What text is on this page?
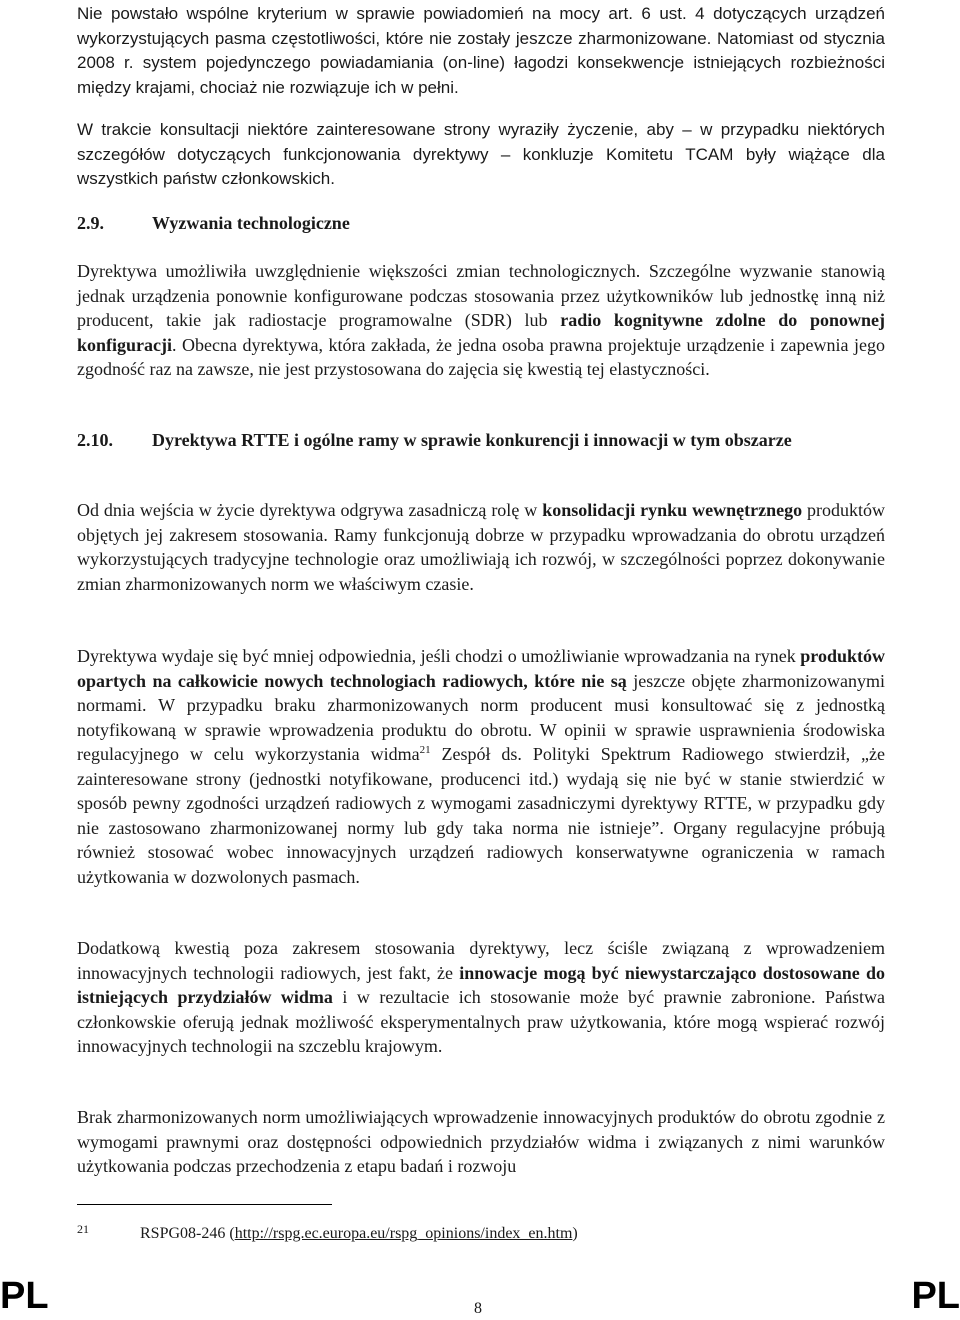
Nie powstało wspólne kryterium w sprawie powiadomień na mocy art. 6 ust. 4 dotyczących urządzeń wykorzystujących pasma częstotliwości, które nie zostały jeszcze zharmonizowane. Natomiast od stycznia 2008 r. system pojedynczego powiadamiania (on-line) łagodzi konsekwencje istniejących rozbieżności między krajami, chociaż nie rozwiązuje ich w pełni.

W trakcie konsultacji niektóre zainteresowane strony wyraziły życzenie, aby – w przypadku niektórych szczegółów dotyczących funkcjonowania dyrektywy – konkluzje Komitetu TCAM były wiążące dla wszystkich państw członkowskich.

2.9.	Wyzwania technologiczne

Dyrektywa umożliwiła uwzględnienie większości zmian technologicznych. Szczególne wyzwanie stanowią jednak urządzenia ponownie konfigurowane podczas stosowania przez użytkowników lub jednostkę inną niż producent, takie jak radiostacje programowalne (SDR) lub radio kognitywne zdolne do ponownej konfiguracji. Obecna dyrektywa, która zakłada, że jedna osoba prawna projektuje urządzenie i zapewnia jego zgodność raz na zawsze, nie jest przystosowana do zajęcia się kwestią tej elastyczności.

2.10. Dyrektywa RTTE i ogólne ramy w sprawie konkurencji i innowacji w tym obszarze

Od dnia wejścia w życie dyrektywa odgrywa zasadniczą rolę w konsolidacji rynku wewnętrznego produktów objętych jej zakresem stosowania. Ramy funkcjonują dobrze w przypadku wprowadzania do obrotu urządzeń wykorzystujących tradycyjne technologie oraz umożliwiają ich rozwój, w szczególności poprzez dokonywanie zmian zharmonizowanych norm we właściwym czasie.

Dyrektywa wydaje się być mniej odpowiednia, jeśli chodzi o umożliwianie wprowadzania na rynek produktów opartych na całkowicie nowych technologiach radiowych, które nie są jeszcze objęte zharmonizowanymi normami. W przypadku braku zharmonizowanych norm producent musi konsultować się z jednostką notyfikowaną w sprawie wprowadzenia produktu do obrotu. W opinii w sprawie usprawnienia środowiska regulacyjnego w celu wykorzystania widma$^{21}$ Zespół ds. Polityki Spektrum Radiowego stwierdził, „że zainteresowane strony (jednostki notyfikowane, producenci itd.) wydają się nie być w stanie stwierdzić w sposób pewny zgodności urządzeń radiowych z wymogami zasadniczymi dyrektywy RTTE, w przypadku gdy nie zastosowano zharmonizowanej normy lub gdy taka norma nie istnieje”. Organy regulacyjne próbują również stosować wobec innowacyjnych urządzeń radiowych konserwatywne ograniczenia w ramach użytkowania w dozwolonych pasmach.

Dodatkową kwestią poza zakresem stosowania dyrektywy, lecz ściśle związaną z wprowadzeniem innowacyjnych technologii radiowych, jest fakt, że innowacje mogą być niewystarczająco dostosowane do istniejących przydziałów widma i w rezultacie ich stosowanie może być prawnie zabronione. Państwa członkowskie oferują jednak możliwość eksperymentalnych praw użytkowania, które mogą wspierać rozwój innowacyjnych technologii na szczeblu krajowym.

Brak zharmonizowanych norm umożliwiających wprowadzenie innowacyjnych produktów do obrotu zgodnie z wymogami prawnymi oraz dostępności odpowiednich przydziałów widma i związanych z nimi warunków użytkowania podczas przechodzenia z etapu badań i rozwoju

21	RSPG08-246 (http://rspg.ec.europa.eu/rspg_opinions/index_en.htm)
PL	8	PL
